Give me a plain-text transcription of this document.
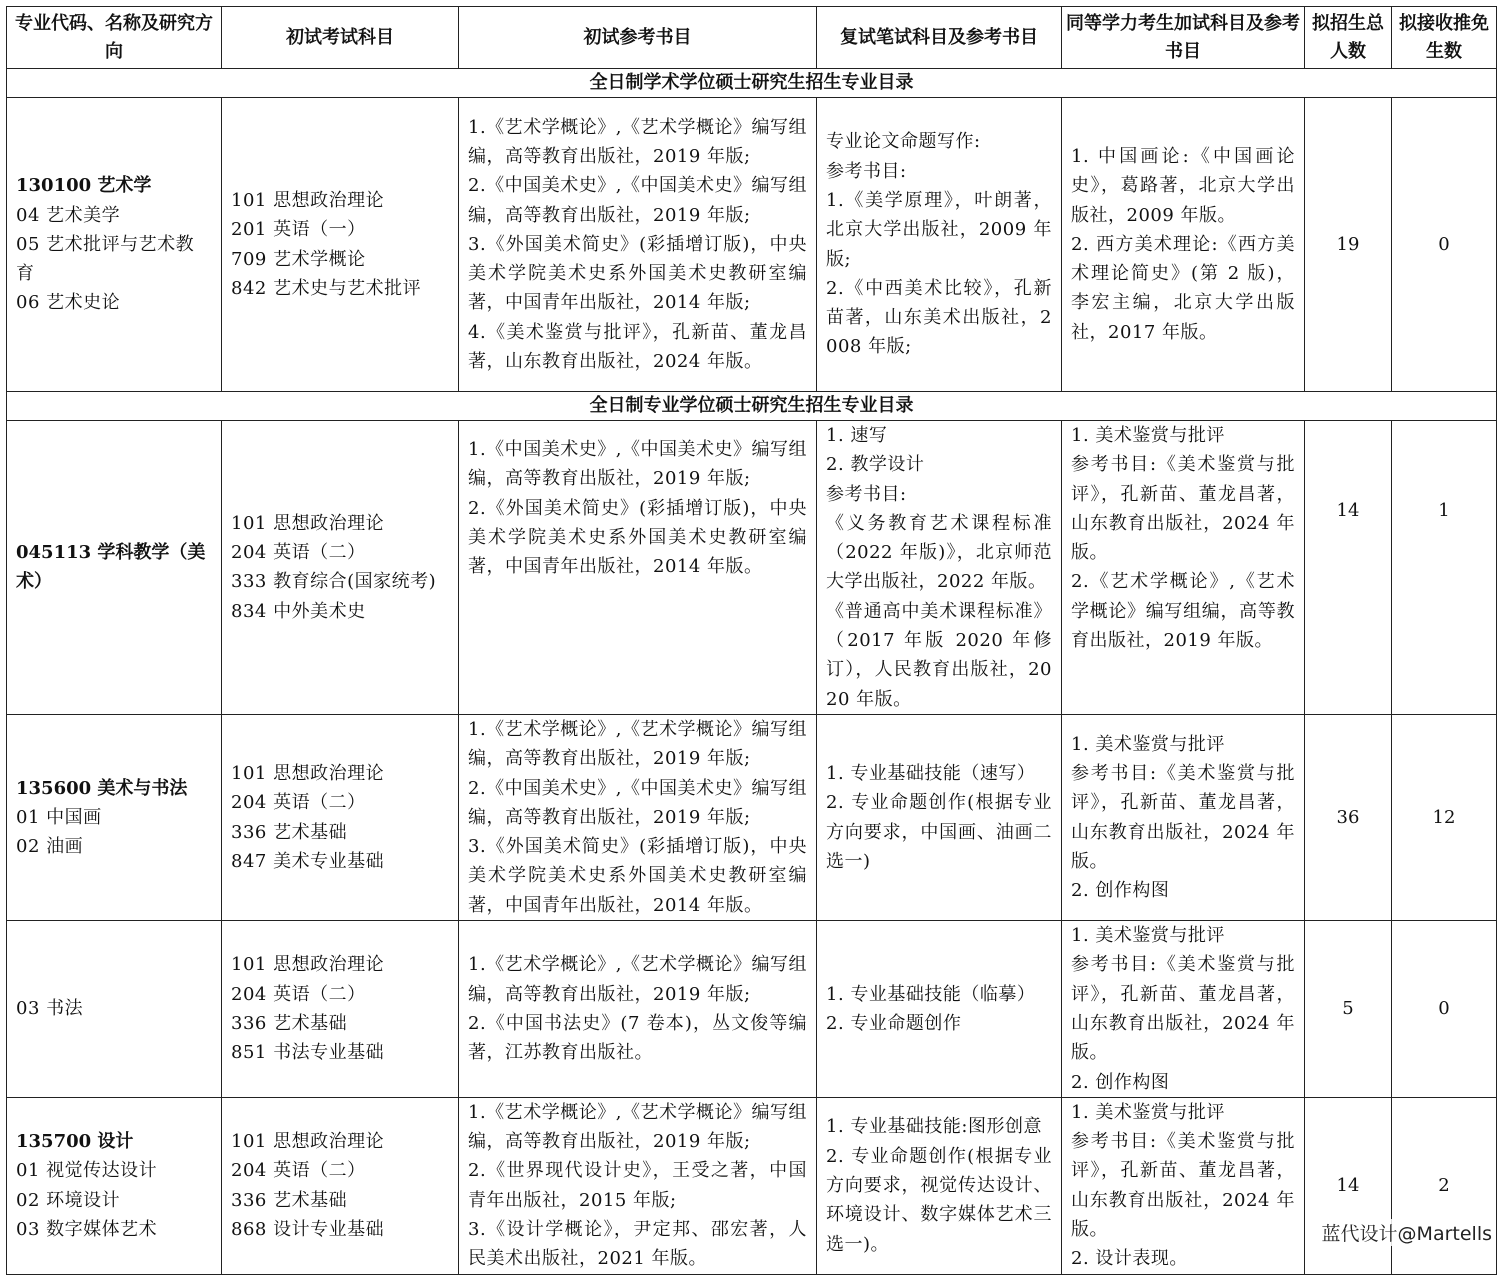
专业代码、名称及研究方向	初试考试科目	初试参考书目	复试笔试科目及参考书目	同等学力考生加试科目及参考书目	拟招生总人数	拟接收推免生数
全日制学术学位硕士研究生招生专业目录						

130100 艺术学
04 艺术美学
05 艺术批评与艺术教育
06 艺术史论	101 思想政治理论
201 英语（一）
709 艺术学概论
842 艺术史与艺术批评	1.《艺术学概论》,《艺术学概论》编写组编，高等教育出版社，2019 年版;
2.《中国美术史》,《中国美术史》编写组编，高等教育出版社，2019 年版;
3.《外国美术简史》(彩插增订版)，中央美术学院美术史系外国美术史教研室编著，中国青年出版社，2014 年版;
4.《美术鉴赏与批评》，孔新苗、董龙昌著，山东教育出版社，2024 年版。	专业论文命题写作:
参考书目:
1.《美学原理》，叶朗著，北京大学出版社，2009 年版;
2.《中西美术比较》，孔新苗著，山东美术出版社，2008 年版;	1. 中国画论:《中国画论史》，葛路著，北京大学出版社，2009 年版。
2. 西方美术理论:《西方美术理论简史》(第 2 版)，李宏主编，北京大学出版社，2017 年版。	19	0
全日制专业学位硕士研究生招生专业目录						

045113 学科教学（美术）	101 思想政治理论
204 英语（二）
333 教育综合(国家统考)
834 中外美术史	1.《中国美术史》,《中国美术史》编写组编，高等教育出版社，2019 年版;
2.《外国美术简史》(彩插增订版)，中央美术学院美术史系外国美术史教研室编著，中国青年出版社，2014 年版。	1. 速写
2. 教学设计
参考书目:
《义务教育艺术课程标准（2022 年版)》，北京师范大学出版社，2022 年版。
《普通高中美术课程标准》（2017 年版 2020 年修订），人民教育出版社，2020 年版。	1. 美术鉴赏与批评
参考书目:《美术鉴赏与批评》，孔新苗、董龙昌著，山东教育出版社，2024 年版。
2.《艺术学概论》,《艺术学概论》编写组编，高等教育出版社，2019 年版。	14	1

135600 美术与书法
01 中国画
02 油画	101 思想政治理论
204 英语（二）
336 艺术基础
847 美术专业基础	1.《艺术学概论》,《艺术学概论》编写组编，高等教育出版社，2019 年版;
2.《中国美术史》,《中国美术史》编写组编，高等教育出版社，2019 年版;
3.《外国美术简史》(彩插增订版)，中央美术学院美术史系外国美术史教研室编著，中国青年出版社，2014 年版。	1. 专业基础技能（速写）
2. 专业命题创作(根据专业方向要求，中国画、油画二选一)	1. 美术鉴赏与批评
参考书目:《美术鉴赏与批评》，孔新苗、董龙昌著，山东教育出版社，2024 年版。
2. 创作构图	36	12

03 书法	101 思想政治理论
204 英语（二）
336 艺术基础
851 书法专业基础	1.《艺术学概论》,《艺术学概论》编写组编，高等教育出版社，2019 年版;
2.《中国书法史》(7 卷本)，丛文俊等编著，江苏教育出版社。	1. 专业基础技能（临摹）
2. 专业命题创作	1. 美术鉴赏与批评
参考书目:《美术鉴赏与批评》，孔新苗、董龙昌著，山东教育出版社，2024 年版。
2. 创作构图	5	0

135700 设计
01 视觉传达设计
02 环境设计
03 数字媒体艺术	101 思想政治理论
204 英语（二）
336 艺术基础
868 设计专业基础	1.《艺术学概论》,《艺术学概论》编写组编，高等教育出版社，2019 年版;
2.《世界现代设计史》，王受之著，中国青年出版社，2015 年版;
3.《设计学概论》，尹定邦、邵宏著，人民美术出版社，2021 年版。	1. 专业基础技能:图形创意
2. 专业命题创作(根据专业方向要求，视觉传达设计、环境设计、数字媒体艺术三选一)。	1. 美术鉴赏与批评
参考书目:《美术鉴赏与批评》，孔新苗、董龙昌著，山东教育出版社，2024 年版。
2. 设计表现。	14	2
蓝代设计@Martells
